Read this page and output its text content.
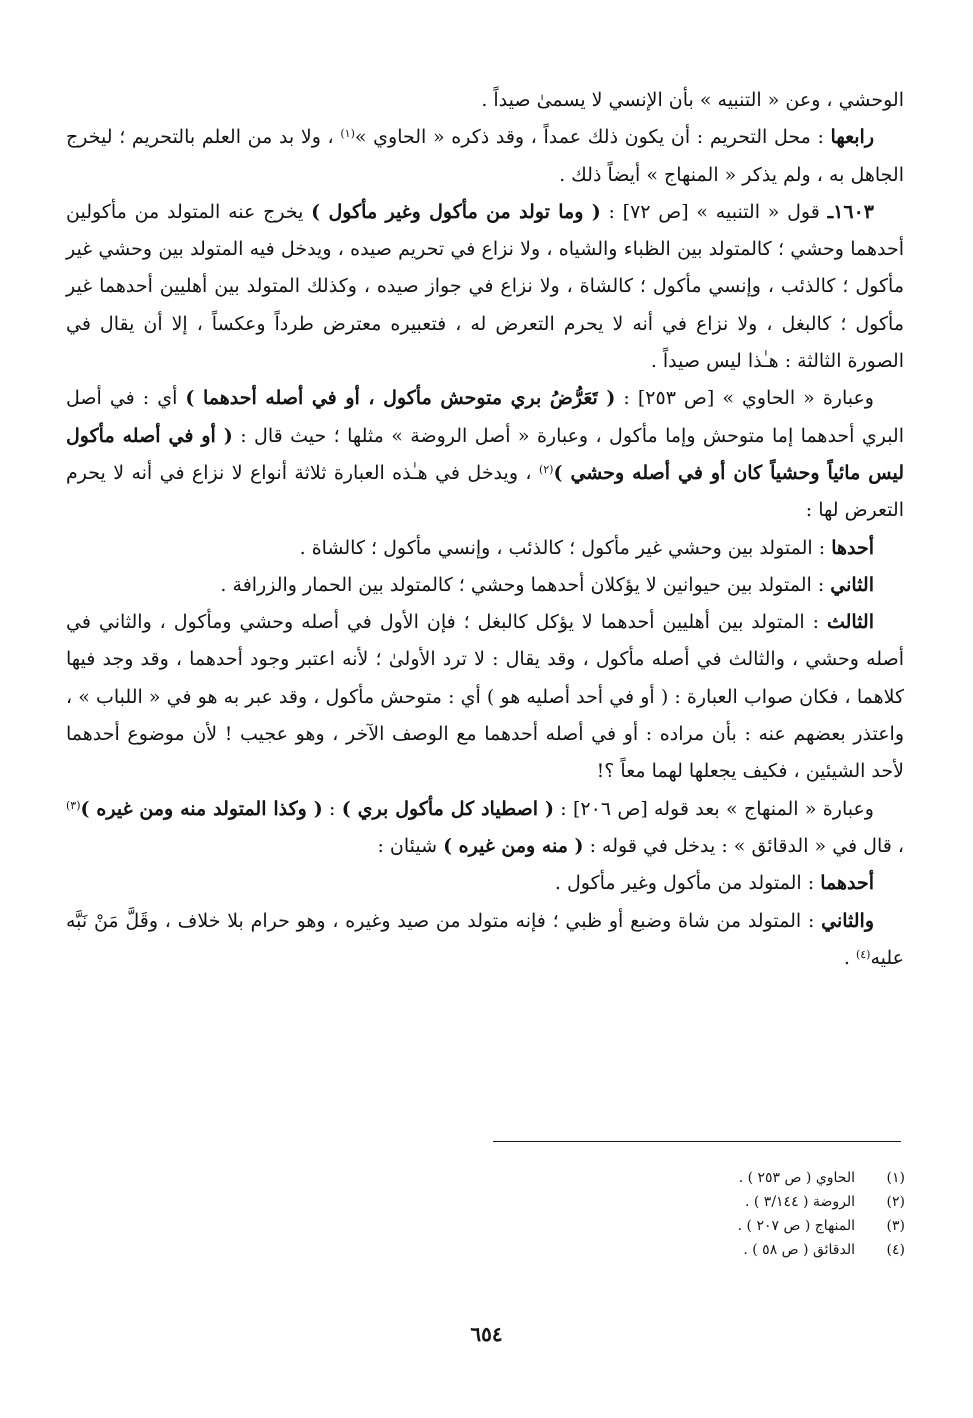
الوحشي ، وعن « التنبيه » بأن الإنسي لا يسمىٰ صيداً .

رابعها : محل التحريم : أن يكون ذلك عمداً ، وقد ذكره « الحاوي »$^{(١)}$ ، ولا بد من العلم بالتحريم ؛ ليخرج الجاهل به ، ولم يذكر « المنهاج » أيضاً ذلك .

١٦٠٣ـ قول « التنبيه » [ص ٧٢] : ( وما تولد من مأكول وغير مأكول ) يخرج عنه المتولد من مأكولين أحدهما وحشي ؛ كالمتولد بين الظباء والشياه ، ولا نزاع في تحريم صيده ، ويدخل فيه المتولد بين وحشي غير مأكول ؛ كالذئب ، وإنسي مأكول ؛ كالشاة ، ولا نزاع في جواز صيده ، وكذلك المتولد بين أهليين أحدهما غير مأكول ؛ كالبغل ، ولا نزاع في أنه لا يحرم التعرض له ، فتعبيره معترض طرداً وعكساً ، إلا أن يقال في الصورة الثالثة : هـٰذا ليس صيداً .

وعبارة « الحاوي » [ص ٢٥٣] : ( تَعَرُّضُ بري متوحش مأكول ، أو في أصله أحدهما ) أي : في أصل البري أحدهما إما متوحش وإما مأكول ، وعبارة « أصل الروضة » مثلها ؛ حيث قال : ( أو في أصله مأكول ليس مائياً وحشياً كان أو في أصله وحشي )$^{(٢)}$ ، ويدخل في هـٰذه العبارة ثلاثة أنواع لا نزاع في أنه لا يحرم التعرض لها :

أحدها : المتولد بين وحشي غير مأكول ؛ كالذئب ، وإنسي مأكول ؛ كالشاة .

الثاني : المتولد بين حيوانين لا يؤكلان أحدهما وحشي ؛ كالمتولد بين الحمار والزرافة .

الثالث : المتولد بين أهليين أحدهما لا يؤكل كالبغل ؛ فإن الأول في أصله وحشي ومأكول ، والثاني في أصله وحشي ، والثالث في أصله مأكول ، وقد يقال : لا ترد الأولىٰ ؛ لأنه اعتبر وجود أحدهما ، وقد وجد فيها كلاهما ، فكان صواب العبارة : ( أو في أحد أصليه هو ) أي : متوحش مأكول ، وقد عبر به هو في « اللباب » ، واعتذر بعضهم عنه : بأن مراده : أو في أصله أحدهما مع الوصف الآخر ، وهو عجيب ! لأن موضوع أحدهما لأحد الشيئين ، فكيف يجعلها لهما معاً ؟!

وعبارة « المنهاج » بعد قوله [ص ٢٠٦] : ( اصطياد كل مأكول بري ) : ( وكذا المتولد منه ومن غيره )$^{(٣)}$ ، قال في « الدقائق » : يدخل في قوله : ( منه ومن غيره ) شيئان :

أحدهما : المتولد من مأكول وغير مأكول .

والثاني : المتولد من شاة وضبع أو ظبي ؛ فإنه متولد من صيد وغيره ، وهو حرام بلا خلاف ، وقَلَّ مَنْ نَبَّه عليه$^{(٤)}$ .

(١)
الحاوي ( ص ٢٥٣ ) .
(٢)
الروضة ( ٣/١٤٤ ) .
(٣)
المنهاج ( ص ٢٠٧ ) .
(٤)
الدقائق ( ص ٥٨ ) .
٦٥٤
